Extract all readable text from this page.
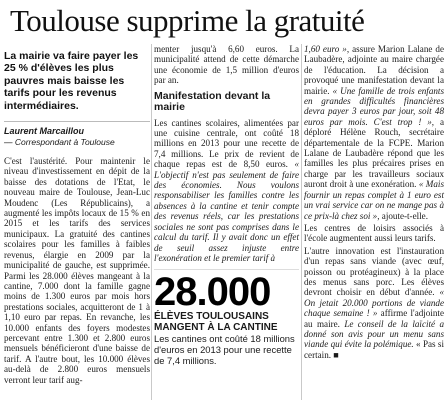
Toulouse supprime la gratuité

La mairie va faire payer les 25 % d'élèves les plus pauvres mais baisse les tarifs pour les revenus intermédiaires.

Laurent Marcaillou

— Correspondant à Toulouse

C'est l'austérité. Pour maintenir le niveau d'investissement en dépit de la baisse des dotations de l'Etat, le nouveau maire de Toulouse, Jean-Luc Moudenc (Les Républicains), a augmenté les impôts locaux de 15 % en 2015 et les tarifs des services municipaux. La gratuité des cantines scolaires pour les familles à faibles revenus, élargie en 2009 par la municipalité de gauche, est supprimée. Parmi les 28.000 élèves mangeant à la cantine, 7.000 dont la famille gagne moins de 1.300 euros par mois hors prestations sociales, acquitteront de 1 à 1,10 euro par repas. En revanche, les 10.000 enfants des foyers modestes percevant entre 1.300 et 2.800 euros mensuels bénéficieront d'une baisse de tarif. A l'autre bout, les 10.000 élèves au-delà de 2.800 euros mensuels verront leur tarif aug-

menter jusqu'à 6,60 euros. La municipalité attend de cette démarche une économie de 1,5 million d'euros par an.

Manifestation devant la mairie

Les cantines scolaires, alimentées par une cuisine centrale, ont coûté 18 millions en 2013 pour une recette de 7,4 millions. Le prix de revient de chaque repas est de 8,50 euros. « L'objectif n'est pas seulement de faire des économies. Nous voulons responsabiliser les familles contre les absences à la cantine et tenir compte des revenus réels, car les prestations sociales ne sont pas comprises dans le calcul du tarif. Il y avait donc un effet de seuil assez injuste entre l'exonération et le premier tarif à

28.000

ÉLÈVES TOULOUSAINS MANGENT À LA CANTINE

Les cantines ont coûté 18 millions d'euros en 2013 pour une recette de 7,4 millions.

1,60 euro », assure Marion Lalane de Laubadère, adjointe au maire chargée de l'éducation. La décision a provoqué une manifestation devant la mairie. « Une famille de trois enfants en grandes difficultés financières devra payer 3 euros par jour, soit 48 euros par mois. C'est trop ! », a déploré Hélène Rouch, secrétaire départementale de la FCPE. Marion Lalane de Laubadère répond que les familles les plus précaires prises en charge par les travailleurs sociaux auront droit à une exonération. « Mais fournir un repas complet à 1 euro est un vrai service car on ne mange pas à ce prix-là chez soi », ajoute-t-elle.

Les centres de loisirs associés à l'école augmentent aussi leurs tarifs.

L'autre innovation est l'instauration d'un repas sans viande (avec œuf, poisson ou protéagineux) à la place des menus sans porc. Les élèves devront choisir en début d'année. « On jetait 20.000 portions de viande chaque semaine ! » affirme l'adjointe au maire. Le conseil de la laïcité a donné son avis pour un menu sans viande qui évite la polémique. « Pas si certain. ■
